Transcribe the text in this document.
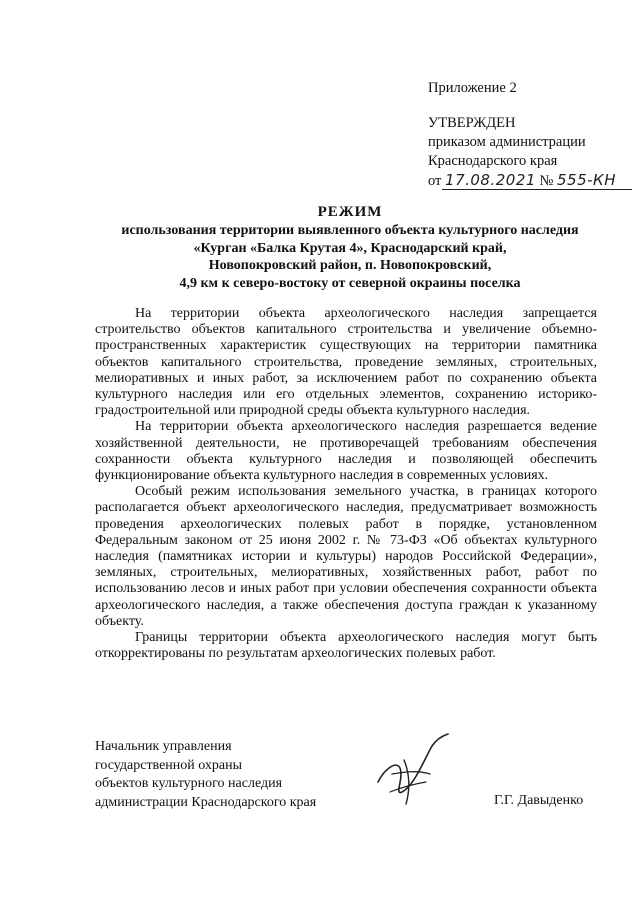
Приложение 2
УТВЕРЖДЕН
приказом администрации
Краснодарского края
от 17.08.2021 № 555-КН
РЕЖИМ
использования территории выявленного объекта культурного наследия
«Курган «Балка Крутая 4», Краснодарский край,
Новопокровский район, п. Новопокровский,
4,9 км к северо-востоку от северной окраины поселка

На территории объекта археологического наследия запрещается строительство объектов капитального строительства и увеличение объемно-пространственных характеристик существующих на территории памятника объектов капитального строительства, проведение земляных, строительных, мелиоративных и иных работ, за исключением работ по сохранению объекта культурного наследия или его отдельных элементов, сохранению историко-градостроительной или природной среды объекта культурного наследия.

На территории объекта археологического наследия разрешается ведение хозяйственной деятельности, не противоречащей требованиям обеспечения сохранности объекта культурного наследия и позволяющей обеспечить функционирование объекта культурного наследия в современных условиях.

Особый режим использования земельного участка, в границах которого располагается объект археологического наследия, предусматривает возможность проведения археологических полевых работ в порядке, установленном Федеральным законом от 25 июня 2002 г. № 73-ФЗ «Об объектах культурного наследия (памятниках истории и культуры) народов Российской Федерации», земляных, строительных, мелиоративных, хозяйственных работ, работ по использованию лесов и иных работ при условии обеспечения сохранности объекта археологического наследия, а также обеспечения доступа граждан к указанному объекту.

Границы территории объекта археологического наследия могут быть откорректированы по результатам археологических полевых работ.

Начальник управления
государственной охраны
объектов культурного наследия
администрации Краснодарского края	Г.Г. Давыденко
